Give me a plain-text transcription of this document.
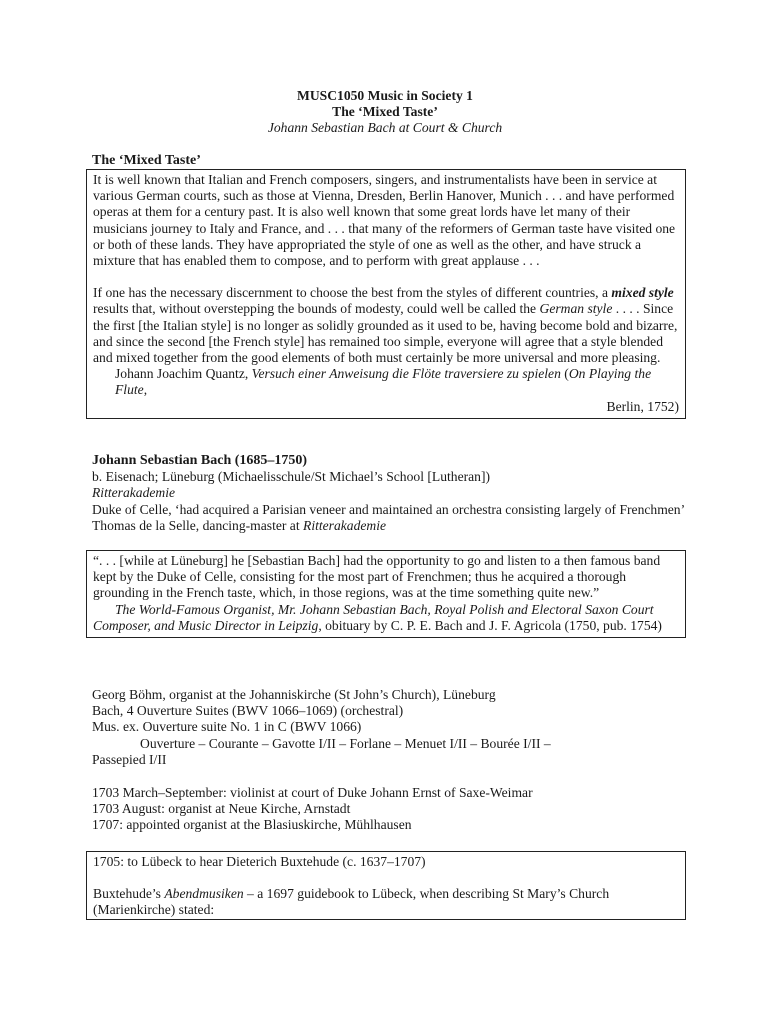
MUSC1050 Music in Society 1
The ‘Mixed Taste’
Johann Sebastian Bach at Court & Church
The ‘Mixed Taste’

It is well known that Italian and French composers, singers, and instrumentalists have been in service at various German courts, such as those at Vienna, Dresden, Berlin Hanover, Munich . . . and have performed operas at them for a century past. It is also well known that some great lords have let many of their musicians journey to Italy and France, and . . . that many of the reformers of German taste have visited one or both of these lands. They have appropriated the style of one as well as the other, and have struck a mixture that has enabled them to compose, and to perform with great applause . . .

If one has the necessary discernment to choose the best from the styles of different countries, a mixed style results that, without overstepping the bounds of modesty, could well be called the German style . . . . Since the first [the Italian style] is no longer as solidly grounded as it used to be, having become bold and bizarre, and since the second [the French style] has remained too simple, everyone will agree that a style blended and mixed together from the good elements of both must certainly be more universal and more pleasing.

Johann Joachim Quantz, Versuch einer Anweisung die Flöte traversiere zu spielen (On Playing the Flute,

Berlin, 1752)

Johann Sebastian Bach (1685–1750)
b. Eisenach; Lüneburg (Michaelisschule/St Michael’s School [Lutheran])
Ritterakademie
Duke of Celle, ‘had acquired a Parisian veneer and maintained an orchestra consisting largely of Frenchmen’
Thomas de la Selle, dancing-master at Ritterakademie

“. . . [while at Lüneburg] he [Sebastian Bach] had the opportunity to go and listen to a then famous band kept by the Duke of Celle, consisting for the most part of Frenchmen; thus he acquired a thorough grounding in the French taste, which, in those regions, was at the time something quite new.”

The World-Famous Organist, Mr. Johann Sebastian Bach, Royal Polish and Electoral Saxon Court Composer, and Music Director in Leipzig, obituary by C. P. E. Bach and J. F. Agricola (1750, pub. 1754)

Georg Böhm, organist at the Johanniskirche (St John’s Church), Lüneburg
Bach, 4 Ouverture Suites (BWV 1066–1069) (orchestral)
Mus. ex. Ouverture suite No. 1 in C (BWV 1066)
Ouverture – Courante – Gavotte I/II – Forlane – Menuet I/II – Bourée I/II –
Passepied I/II
1703 March–September: violinist at court of Duke Johann Ernst of Saxe-Weimar
1703 August: organist at Neue Kirche, Arnstadt
1707: appointed organist at the Blasiuskirche, Mühlhausen

1705: to Lübeck to hear Dieterich Buxtehude (c. 1637–1707)

Buxtehude’s Abendmusiken – a 1697 guidebook to Lübeck, when describing St Mary’s Church (Marienkirche) stated:
